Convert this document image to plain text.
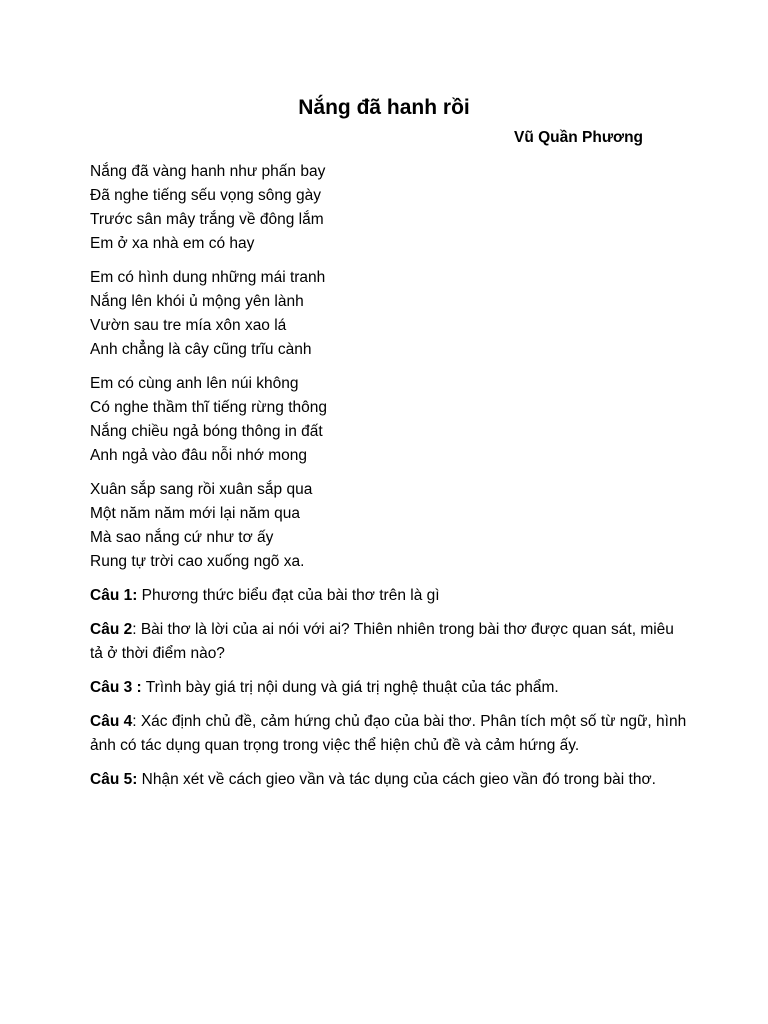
Nắng đã hanh rồi

Vũ Quần Phương

Nắng đã vàng hanh như phấn bay
Đã nghe tiếng sếu vọng sông gày
Trước sân mây trắng về đông lắm
Em ở xa nhà em có hay
Em có hình dung những mái tranh
Nắng lên khói ủ mộng yên lành
Vườn sau tre mía xôn xao lá
Anh chẳng là cây cũng trĩu cành
Em có cùng anh lên núi không
Có nghe thầm thĩ tiếng rừng thông
Nắng chiều ngả bóng thông in đất
Anh ngả vào đâu nỗi nhớ mong
Xuân sắp sang rồi xuân sắp qua
Một năm năm mới lại năm qua
Mà sao nắng cứ như tơ ấy
Rung tự trời cao xuống ngõ xa.

Câu 1: Phương thức biểu đạt của bài thơ trên là gì

Câu 2: Bài thơ là lời của ai nói với ai? Thiên nhiên trong bài thơ được quan sát, miêu tả ở thời điểm nào?

Câu 3 : Trình bày giá trị nội dung và giá trị nghệ thuật của tác phẩm.

Câu 4: Xác định chủ đề, cảm hứng chủ đạo của bài thơ. Phân tích một số từ ngữ, hình ảnh có tác dụng quan trọng trong việc thể hiện chủ đề và cảm hứng ấy.

Câu 5: Nhận xét về cách gieo vần và tác dụng của cách gieo vần đó trong bài thơ.
